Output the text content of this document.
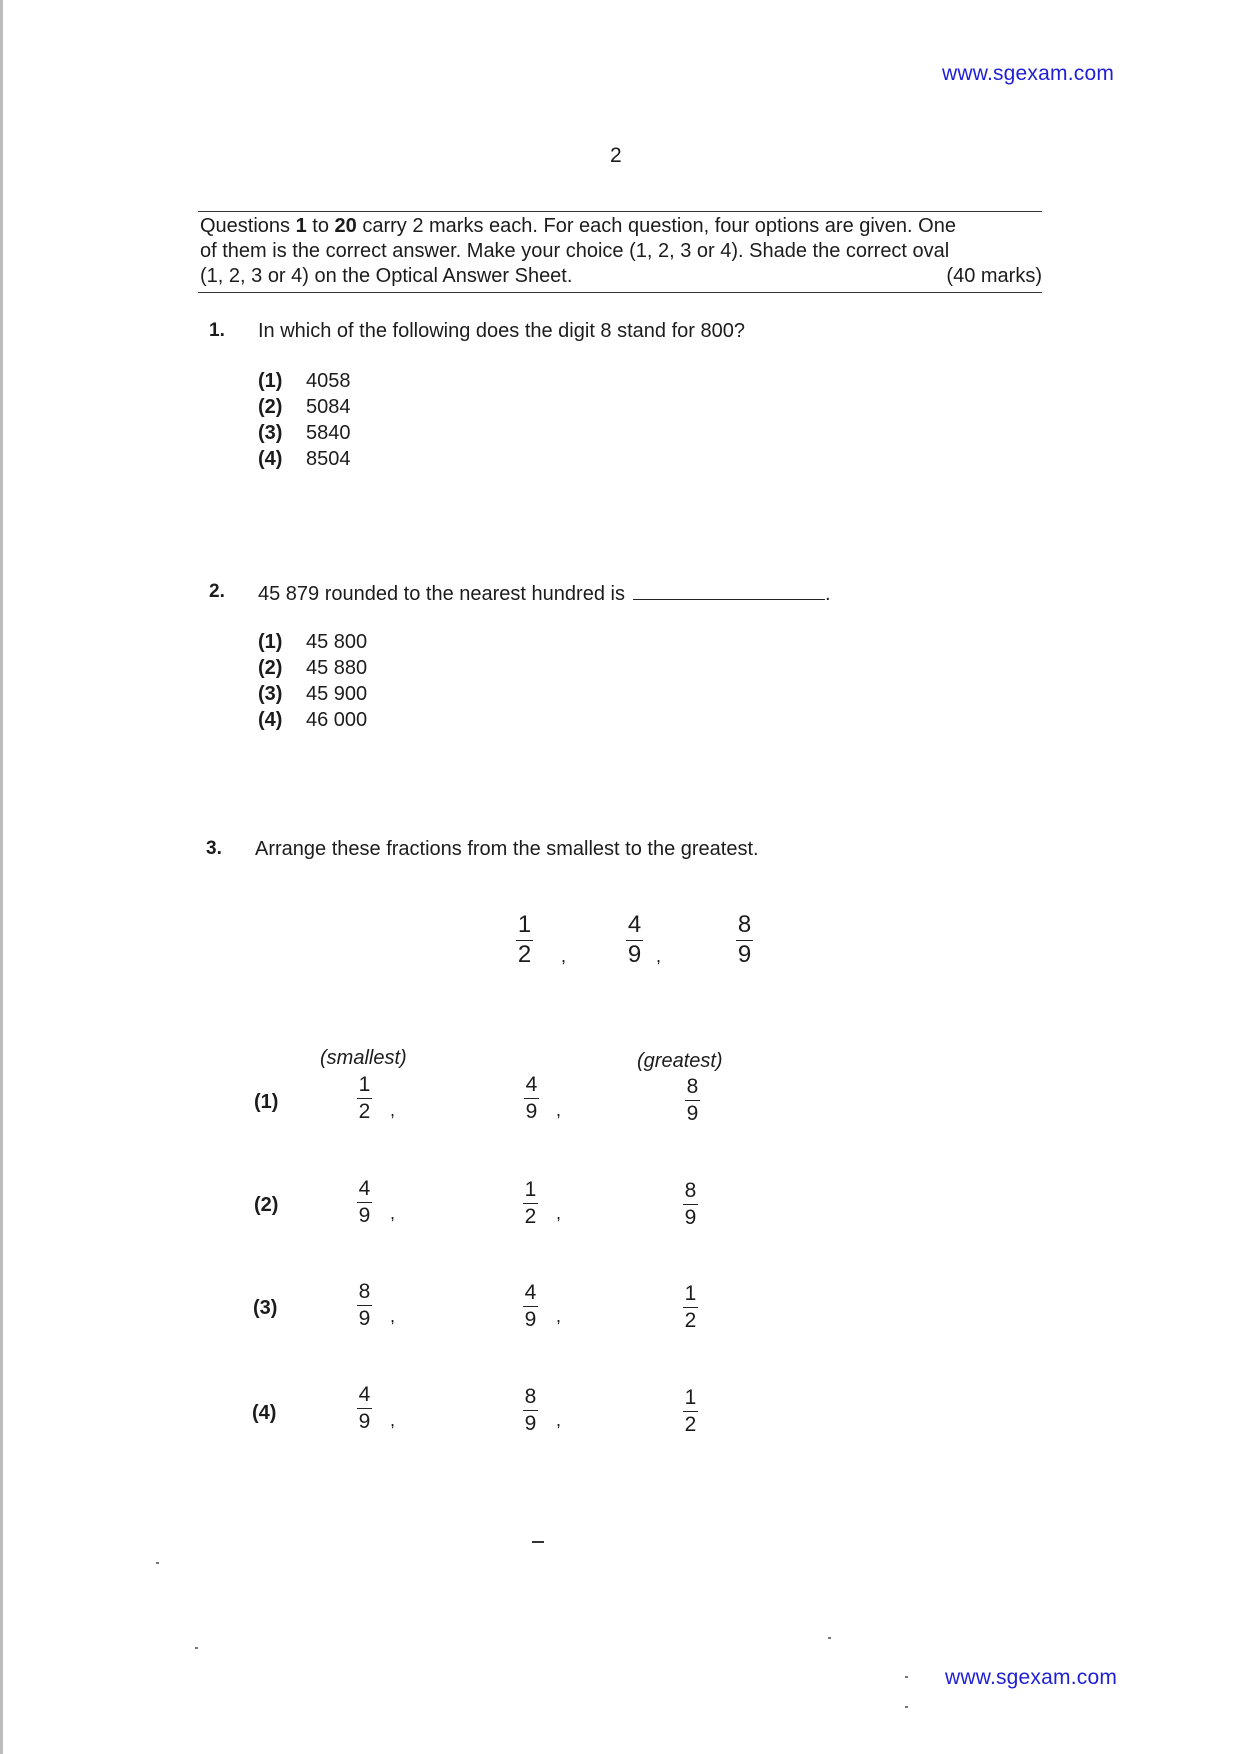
www.sgexam.com
2
Questions 1 to 20 carry 2 marks each. For each question, four options are given. One
of them is the correct answer. Make your choice (1, 2, 3 or 4). Shade the correct oval
(1, 2, 3 or 4) on the Optical Answer Sheet.	(40 marks)
1. In which of the following does the digit 8 stand for 800?
(1) 4058
(2) 5084
(3) 5840
(4) 8504
2. 45 879 rounded to the nearest hundred is	.
(1) 45 800
(2) 45 880
(3) 45 900
(4) 46 000
3. Arrange these fractions from the smallest to the greatest.
1
2 ,
4
9 ,
8
9
(smallest)	(greatest)
(1)
1
2 ,
4
9 ,
8
9
(2)
4
9 ,
1
2 ,
8
9
(3)
8
9 ,
4
9 ,
1
2
(4)
4
9 ,
8
9 ,
1
2
www.sgexam.com
